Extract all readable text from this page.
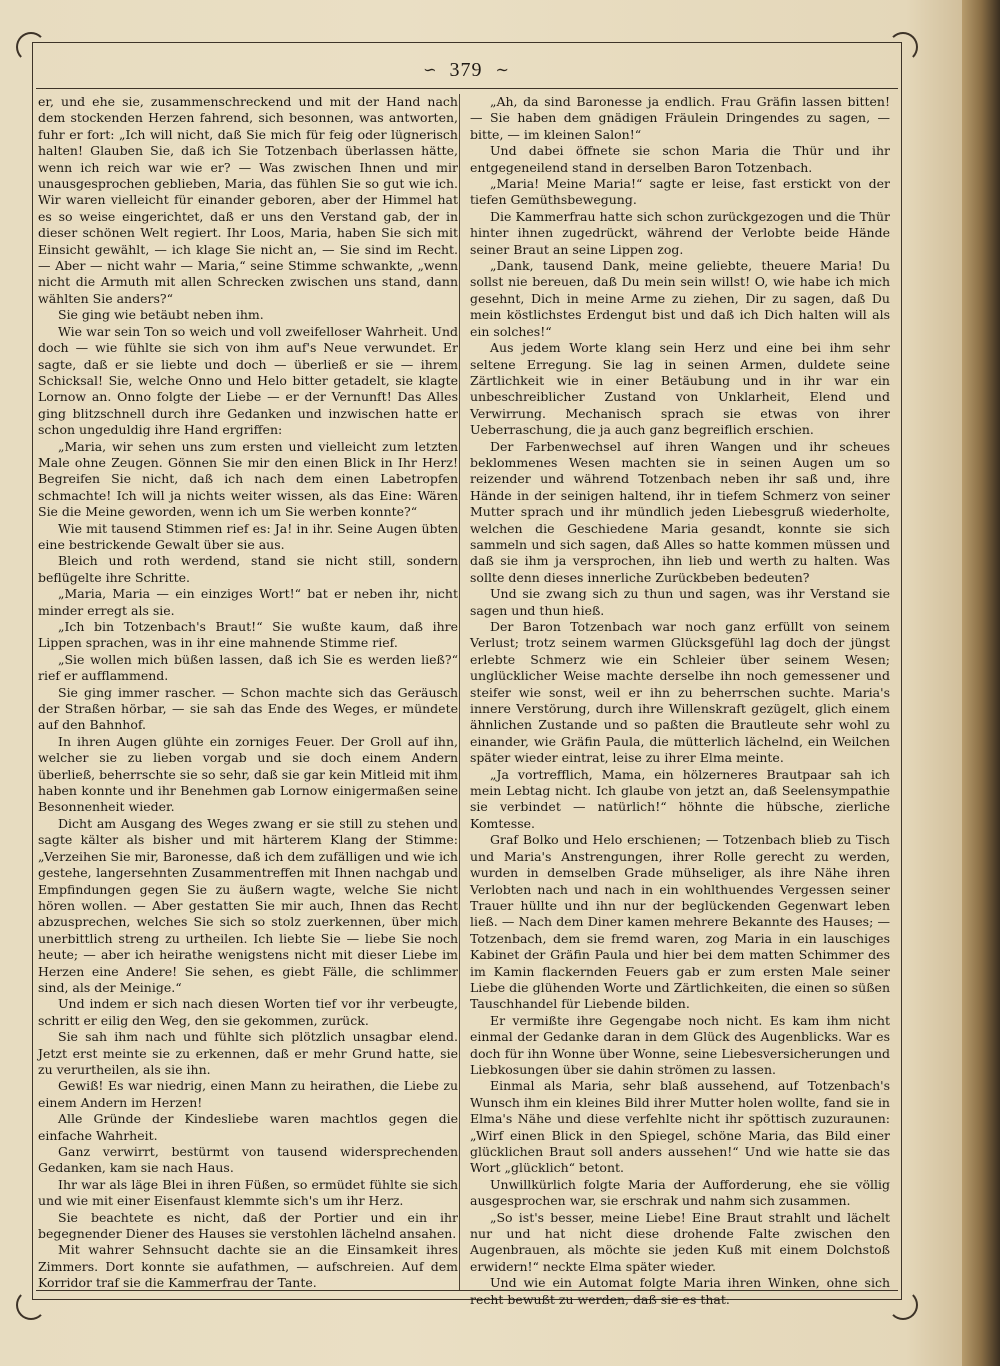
∽ 379 ∼

er, und ehe sie, zusammenschreckend und mit der Hand nach dem stockenden Herzen fahrend, sich besonnen, was antworten, fuhr er fort: „Ich will nicht, daß Sie mich für feig oder lügnerisch halten! Glauben Sie, daß ich Sie Totzenbach überlassen hätte, wenn ich reich war wie er? — Was zwischen Ihnen und mir unausgesprochen geblieben, Maria, das fühlen Sie so gut wie ich. Wir waren vielleicht für einander geboren, aber der Himmel hat es so weise eingerichtet, daß er uns den Verstand gab, der in dieser schönen Welt regiert. Ihr Loos, Maria, haben Sie sich mit Einsicht gewählt, — ich klage Sie nicht an, — Sie sind im Recht. — Aber — nicht wahr — Maria,“ seine Stimme schwankte, „wenn nicht die Armuth mit allen Schrecken zwischen uns stand, dann wählten Sie anders?“

Sie ging wie betäubt neben ihm.

Wie war sein Ton so weich und voll zweifelloser Wahrheit. Und doch — wie fühlte sie sich von ihm auf's Neue verwundet. Er sagte, daß er sie liebte und doch — überließ er sie — ihrem Schicksal! Sie, welche Onno und Helo bitter getadelt, sie klagte Lornow an. Onno folgte der Liebe — er der Vernunft! Das Alles ging blitzschnell durch ihre Gedanken und inzwischen hatte er schon ungeduldig ihre Hand ergriffen:

„Maria, wir sehen uns zum ersten und vielleicht zum letzten Male ohne Zeugen. Gönnen Sie mir den einen Blick in Ihr Herz! Begreifen Sie nicht, daß ich nach dem einen Labetropfen schmachte! Ich will ja nichts weiter wissen, als das Eine: Wären Sie die Meine geworden, wenn ich um Sie werben konnte?“

Wie mit tausend Stimmen rief es: Ja! in ihr. Seine Augen übten eine bestrickende Gewalt über sie aus.

Bleich und roth werdend, stand sie nicht still, sondern beflügelte ihre Schritte.

„Maria, Maria — ein einziges Wort!“ bat er neben ihr, nicht minder erregt als sie.

„Ich bin Totzenbach's Braut!“ Sie wußte kaum, daß ihre Lippen sprachen, was in ihr eine mahnende Stimme rief.

„Sie wollen mich büßen lassen, daß ich Sie es werden ließ?“ rief er aufflammend.

Sie ging immer rascher. — Schon machte sich das Geräusch der Straßen hörbar, — sie sah das Ende des Weges, er mündete auf den Bahnhof.

In ihren Augen glühte ein zorniges Feuer. Der Groll auf ihn, welcher sie zu lieben vorgab und sie doch einem Andern überließ, beherrschte sie so sehr, daß sie gar kein Mitleid mit ihm haben konnte und ihr Benehmen gab Lornow einigermaßen seine Besonnenheit wieder.

Dicht am Ausgang des Weges zwang er sie still zu stehen und sagte kälter als bisher und mit härterem Klang der Stimme: „Verzeihen Sie mir, Baronesse, daß ich dem zufälligen und wie ich gestehe, langersehnten Zusammentreffen mit Ihnen nachgab und Empfindungen gegen Sie zu äußern wagte, welche Sie nicht hören wollen. — Aber gestatten Sie mir auch, Ihnen das Recht abzusprechen, welches Sie sich so stolz zuerkennen, über mich unerbittlich streng zu urtheilen. Ich liebte Sie — liebe Sie noch heute; — aber ich heirathe wenigstens nicht mit dieser Liebe im Herzen eine Andere! Sie sehen, es giebt Fälle, die schlimmer sind, als der Meinige.“

Und indem er sich nach diesen Worten tief vor ihr verbeugte, schritt er eilig den Weg, den sie gekommen, zurück.

Sie sah ihm nach und fühlte sich plötzlich unsagbar elend. Jetzt erst meinte sie zu erkennen, daß er mehr Grund hatte, sie zu verurtheilen, als sie ihn.

Gewiß! Es war niedrig, einen Mann zu heirathen, die Liebe zu einem Andern im Herzen!

Alle Gründe der Kindesliebe waren machtlos gegen die einfache Wahrheit.

Ganz verwirrt, bestürmt von tausend widersprechenden Gedanken, kam sie nach Haus.

Ihr war als läge Blei in ihren Füßen, so ermüdet fühlte sie sich und wie mit einer Eisenfaust klemmte sich's um ihr Herz.

Sie beachtete es nicht, daß der Portier und ein ihr begegnender Diener des Hauses sie verstohlen lächelnd ansahen.

Mit wahrer Sehnsucht dachte sie an die Einsamkeit ihres Zimmers. Dort konnte sie aufathmen, — aufschreien. Auf dem Korridor traf sie die Kammerfrau der Tante.

„Ah, da sind Baronesse ja endlich. Frau Gräfin lassen bitten! — Sie haben dem gnädigen Fräulein Dringendes zu sagen, — bitte, — im kleinen Salon!“

Und dabei öffnete sie schon Maria die Thür und ihr entgegeneilend stand in derselben Baron Totzenbach.

„Maria! Meine Maria!“ sagte er leise, fast erstickt von der tiefen Gemüthsbewegung.

Die Kammerfrau hatte sich schon zurückgezogen und die Thür hinter ihnen zugedrückt, während der Verlobte beide Hände seiner Braut an seine Lippen zog.

„Dank, tausend Dank, meine geliebte, theuere Maria! Du sollst nie bereuen, daß Du mein sein willst! O, wie habe ich mich gesehnt, Dich in meine Arme zu ziehen, Dir zu sagen, daß Du mein köstlichstes Erdengut bist und daß ich Dich halten will als ein solches!“

Aus jedem Worte klang sein Herz und eine bei ihm sehr seltene Erregung. Sie lag in seinen Armen, duldete seine Zärtlichkeit wie in einer Betäubung und in ihr war ein unbeschreiblicher Zustand von Unklarheit, Elend und Verwirrung. Mechanisch sprach sie etwas von ihrer Ueberraschung, die ja auch ganz begreiflich erschien.

Der Farbenwechsel auf ihren Wangen und ihr scheues beklommenes Wesen machten sie in seinen Augen um so reizender und während Totzenbach neben ihr saß und, ihre Hände in der seinigen haltend, ihr in tiefem Schmerz von seiner Mutter sprach und ihr mündlich jeden Liebesgruß wiederholte, welchen die Geschiedene Maria gesandt, konnte sie sich sammeln und sich sagen, daß Alles so hatte kommen müssen und daß sie ihm ja versprochen, ihn lieb und werth zu halten. Was sollte denn dieses innerliche Zurückbeben bedeuten?

Und sie zwang sich zu thun und sagen, was ihr Verstand sie sagen und thun hieß.

Der Baron Totzenbach war noch ganz erfüllt von seinem Verlust; trotz seinem warmen Glücksgefühl lag doch der jüngst erlebte Schmerz wie ein Schleier über seinem Wesen; unglücklicher Weise machte derselbe ihn noch gemessener und steifer wie sonst, weil er ihn zu beherrschen suchte. Maria's innere Verstörung, durch ihre Willenskraft gezügelt, glich einem ähnlichen Zustande und so paßten die Brautleute sehr wohl zu einander, wie Gräfin Paula, die mütterlich lächelnd, ein Weilchen später wieder eintrat, leise zu ihrer Elma meinte.

„Ja vortrefflich, Mama, ein hölzerneres Brautpaar sah ich mein Lebtag nicht. Ich glaube von jetzt an, daß Seelensympathie sie verbindet — natürlich!“ höhnte die hübsche, zierliche Komtesse.

Graf Bolko und Helo erschienen; — Totzenbach blieb zu Tisch und Maria's Anstrengungen, ihrer Rolle gerecht zu werden, wurden in demselben Grade mühseliger, als ihre Nähe ihren Verlobten nach und nach in ein wohlthuendes Vergessen seiner Trauer hüllte und ihn nur der beglückenden Gegenwart leben ließ. — Nach dem Diner kamen mehrere Bekannte des Hauses; — Totzenbach, dem sie fremd waren, zog Maria in ein lauschiges Kabinet der Gräfin Paula und hier bei dem matten Schimmer des im Kamin flackernden Feuers gab er zum ersten Male seiner Liebe die glühenden Worte und Zärtlichkeiten, die einen so süßen Tauschhandel für Liebende bilden.

Er vermißte ihre Gegengabe noch nicht. Es kam ihm nicht einmal der Gedanke daran in dem Glück des Augenblicks. War es doch für ihn Wonne über Wonne, seine Liebesversicherungen und Liebkosungen über sie dahin strömen zu lassen.

Einmal als Maria, sehr blaß aussehend, auf Totzenbach's Wunsch ihm ein kleines Bild ihrer Mutter holen wollte, fand sie in Elma's Nähe und diese verfehlte nicht ihr spöttisch zuzuraunen: „Wirf einen Blick in den Spiegel, schöne Maria, das Bild einer glücklichen Braut soll anders aussehen!“ Und wie hatte sie das Wort „glücklich“ betont.

Unwillkürlich folgte Maria der Aufforderung, ehe sie völlig ausgesprochen war, sie erschrak und nahm sich zusammen.

„So ist's besser, meine Liebe! Eine Braut strahlt und lächelt nur und hat nicht diese drohende Falte zwischen den Augenbrauen, als möchte sie jeden Kuß mit einem Dolchstoß erwidern!“ neckte Elma später wieder.

Und wie ein Automat folgte Maria ihren Winken, ohne sich recht bewußt zu werden, daß sie es that.
